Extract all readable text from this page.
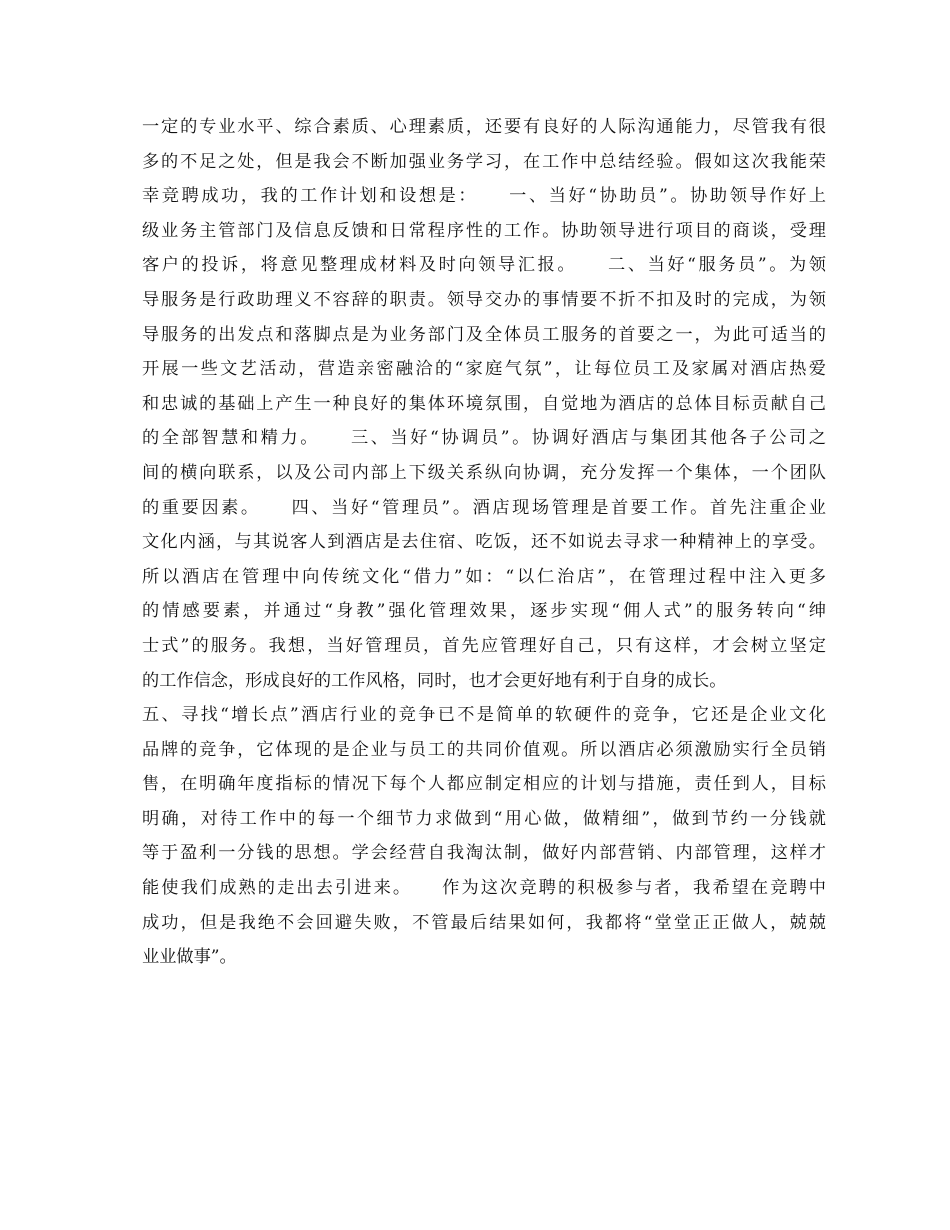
一定的专业水平、综合素质、心理素质，还要有良好的人际沟通能力，尽管我有很
多的不足之处，但是我会不断加强业务学习，在工作中总结经验。假如这次我能荣
幸竞聘成功，我的工作计划和设想是：　　一、当好“协助员”。协助领导作好上
级业务主管部门及信息反馈和日常程序性的工作。协助领导进行项目的商谈，受理
客户的投诉，将意见整理成材料及时向领导汇报。　　二、当好“服务员”。为领
导服务是行政助理义不容辞的职责。领导交办的事情要不折不扣及时的完成，为领
导服务的出发点和落脚点是为业务部门及全体员工服务的首要之一，为此可适当的
开展一些文艺活动，营造亲密融洽的“家庭气氛”，让每位员工及家属对酒店热爱
和忠诚的基础上产生一种良好的集体环境氛围，自觉地为酒店的总体目标贡献自己
的全部智慧和精力。　　三、当好“协调员”。协调好酒店与集团其他各子公司之
间的横向联系，以及公司内部上下级关系纵向协调，充分发挥一个集体，一个团队
的重要因素。　　四、当好“管理员”。酒店现场管理是首要工作。首先注重企业
文化内涵，与其说客人到酒店是去住宿、吃饭，还不如说去寻求一种精神上的享受。
所以酒店在管理中向传统文化“借力”如：“以仁治店”，在管理过程中注入更多
的情感要素，并通过“身教”强化管理效果，逐步实现“佣人式”的服务转向“绅
士式”的服务。我想，当好管理员，首先应管理好自己，只有这样，才会树立坚定
的工作信念，形成良好的工作风格，同时，也才会更好地有利于自身的成长。
五、寻找“增长点”酒店行业的竞争已不是简单的软硬件的竞争，它还是企业文化
品牌的竞争，它体现的是企业与员工的共同价值观。所以酒店必须激励实行全员销
售，在明确年度指标的情况下每个人都应制定相应的计划与措施，责任到人，目标
明确，对待工作中的每一个细节力求做到“用心做，做精细”，做到节约一分钱就
等于盈利一分钱的思想。学会经营自我淘汰制，做好内部营销、内部管理，这样才
能使我们成熟的走出去引进来。　　作为这次竞聘的积极参与者，我希望在竞聘中
成功，但是我绝不会回避失败，不管最后结果如何，我都将“堂堂正正做人，兢兢
业业做事”。
